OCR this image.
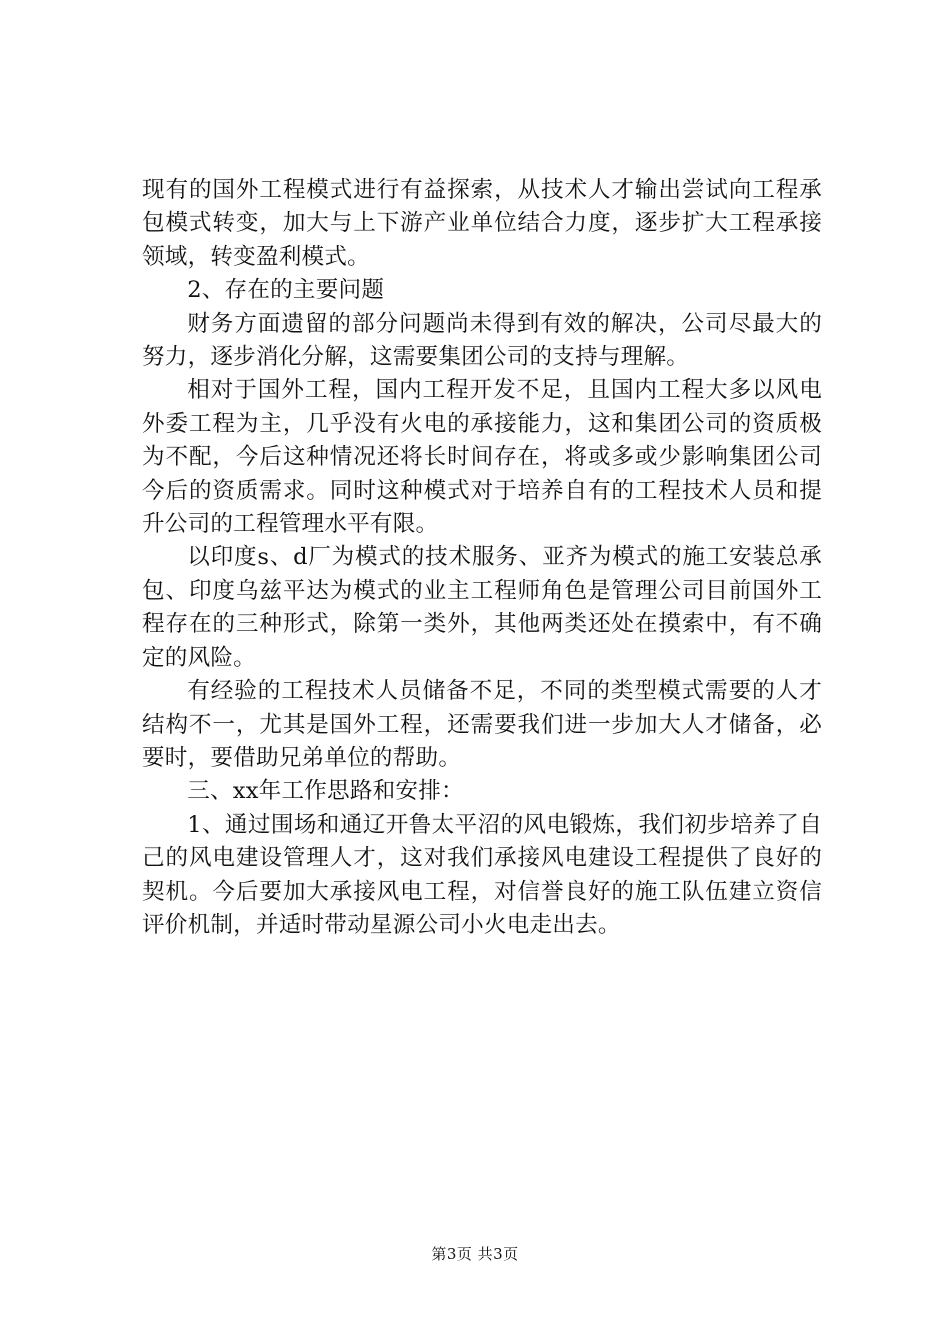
现有的国外工程模式进行有益探索，从技术人才输出尝试向工程承包模式转变，加大与上下游产业单位结合力度，逐步扩大工程承接领域，转变盈利模式。

2、存在的主要问题

财务方面遗留的部分问题尚未得到有效的解决，公司尽最大的努力，逐步消化分解，这需要集团公司的支持与理解。

相对于国外工程，国内工程开发不足，且国内工程大多以风电外委工程为主，几乎没有火电的承接能力，这和集团公司的资质极为不配，今后这种情况还将长时间存在，将或多或少影响集团公司今后的资质需求。同时这种模式对于培养自有的工程技术人员和提升公司的工程管理水平有限。

以印度s、d厂为模式的技术服务、亚齐为模式的施工安装总承包、印度乌兹平达为模式的业主工程师角色是管理公司目前国外工程存在的三种形式，除第一类外，其他两类还处在摸索中，有不确定的风险。

有经验的工程技术人员储备不足，不同的类型模式需要的人才结构不一，尤其是国外工程，还需要我们进一步加大人才储备，必要时，要借助兄弟单位的帮助。

三、xx年工作思路和安排：

1、通过围场和通辽开鲁太平沼的风电锻炼，我们初步培养了自己的风电建设管理人才，这对我们承接风电建设工程提供了良好的契机。今后要加大承接风电工程，对信誉良好的施工队伍建立资信评价机制，并适时带动星源公司小火电走出去。

第3页 共3页
